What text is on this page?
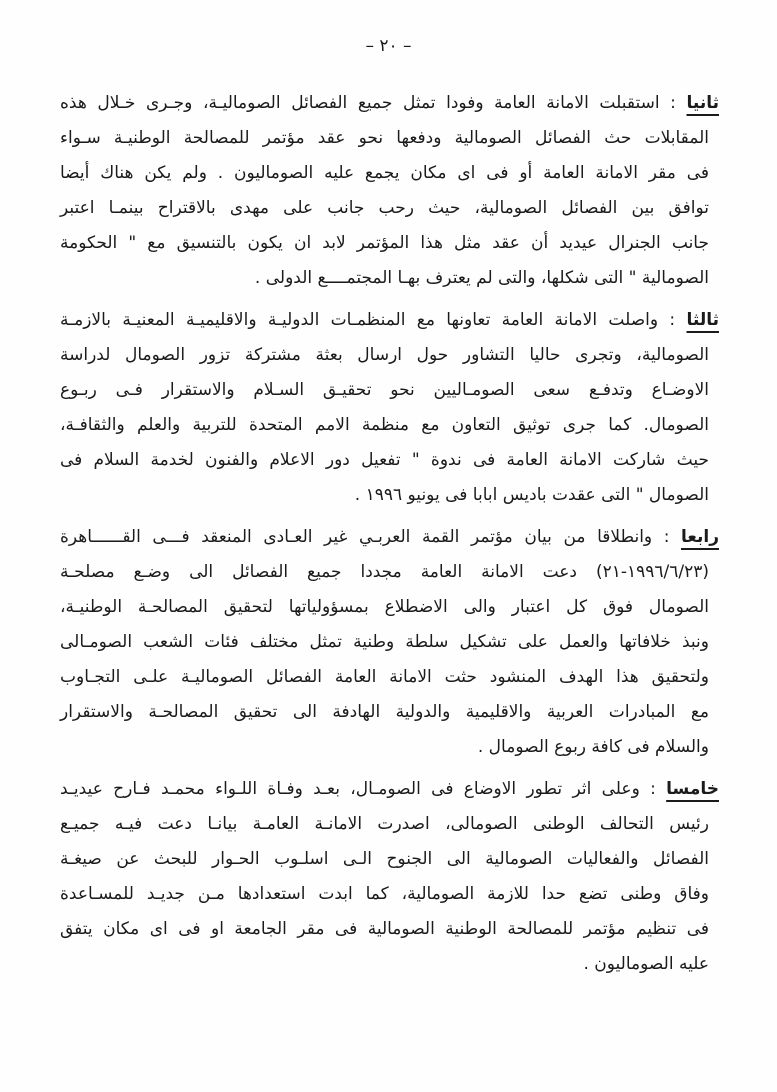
– ٢٠ –
ثانيا : استقبلت الامانة العامة وفودا تمثل جميع الفصائل الصوماليـة، وجـرى خـلال هذه
المقابلات حث الفصائل الصومالية ودفعها نحو عقد مؤتمر للمصالحة الوطنيـة سـواء
فى مقر الامانة العامة أو فى اى مكان يجمع عليه الصوماليون . ولم يكن هناك أيضا
توافق بين الفصائل الصومالية، حيث رحب جانب على مهدى بالاقتراح بينمـا اعتبر
جانب الجنرال عيديد أن عقد مثل هذا المؤتمر لابد ان يكون بالتنسيق مع " الحكومة
الصومالية " التى شكلها، والتى لم يعترف بهـا المجتمــــع الدولى .
ثالثا : واصلت الامانة العامة تعاونها مع المنظمـات الدوليـة والاقليميـة المعنيـة بالازمـة
الصومالية، وتجرى حاليا التشاور حول ارسال بعثة مشتركة تزور الصومال لدراسة
الاوضـاع وتدفـع سعى الصومـاليين نحو تحقيـق السـلام والاستقرار فـى ربـوع
الصومال. كما جرى توثيق التعاون مع منظمة الامم المتحدة للتربية والعلم والثقافـة،
حيث شاركت الامانة العامة فى ندوة " تفعيل دور الاعلام والفنون لخدمة السلام فى
الصومال " التى عقدت باديس ابابا فى يونيو ١٩٩٦ .
رابعا : وانطلاقا من بيان مؤتمر القمة العربـي غير العـادى المنعقد فـــى القــــــاهرة
‪(١٩٩٦/٦/٢٣-٢١)‬ دعت الامانة العامة مجددا جميع الفصائل الى وضـع مصلحـة
الصومال فوق كل اعتبار والى الاضطلاع بمسؤولياتها لتحقيق المصالحـة الوطنيـة،
ونبذ خلافاتها والعمل على تشكيل سلطة وطنية تمثل مختلف فئات الشعب الصومـالى
ولتحقيق هذا الهدف المنشود حثت الامانة العامة الفصائل الصوماليـة علـى التجـاوب
مع المبادرات العربية والاقليمية والدولية الهادفة الى تحقيق المصالحـة والاستقرار
والسلام فى كافة ربوع الصومال .
خامسا : وعلى اثر تطور الاوضاع فى الصومـال، بعـد وفـاة اللـواء محمـد فـارح عيديـد
رئيس التحالف الوطنى الصومالى، اصدرت الامانـة العامـة بيانـا دعت فيـه جميـع
الفصائل والفعاليات الصومالية الى الجنوح الـى اسلـوب الحـوار للبحث عن صيغـة
وفاق وطنى تضع حدا للازمة الصومالية، كما ابدت استعدادها مـن جديـد للمسـاعدة
فى تنظيم مؤتمر للمصالحة الوطنية الصومالية فى مقر الجامعة او فى اى مكان يتفق
عليه الصوماليون .
